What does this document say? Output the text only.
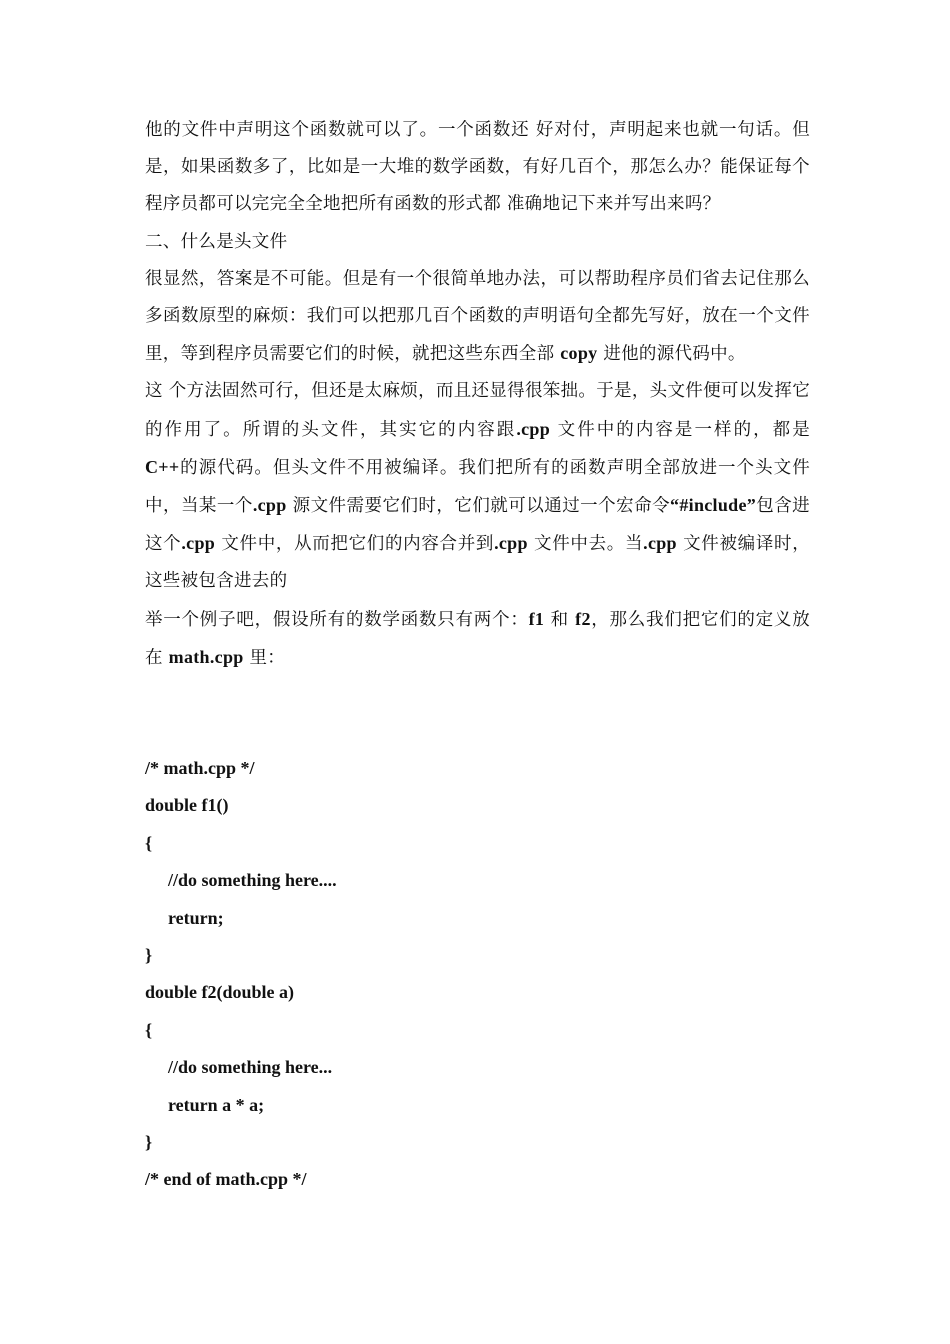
他的文件中声明这个函数就可以了。一个函数还 好对付，声明起来也就一句话。但是，如果函数多了，比如是一大堆的数学函数，有好几百个，那怎么办？能保证每个程序员都可以完完全全地把所有函数的形式都 准确地记下来并写出来吗？

二、什么是头文件

很显然，答案是不可能。但是有一个很简单地办法，可以帮助程序员们省去记住那么多函数原型的麻烦：我们可以把那几百个函数的声明语句全都先写好，放在一个文件里，等到程序员需要它们的时候，就把这些东西全部 copy 进他的源代码中。

这 个方法固然可行，但还是太麻烦，而且还显得很笨拙。于是，头文件便可以发挥它的作用了。所谓的头文件，其实它的内容跟.cpp 文件中的内容是一样的，都是 C++的源代码。但头文件不用被编译。我们把所有的函数声明全部放进一个头文件中，当某一个.cpp 源文件需要它们时，它们就可以通过一个宏命令“#include”包含进这个.cpp 文件中，从而把它们的内容合并到.cpp 文件中去。当.cpp 文件被编译时，这些被包含进去的

举一个例子吧，假设所有的数学函数只有两个：f1 和 f2，那么我们把它们的定义放在 math.cpp 里：

/* math.cpp */
double f1()
{
//do something here....
return;
}
double f2(double a)
{
//do something here...
return a * a;
}
/* end of math.cpp */
